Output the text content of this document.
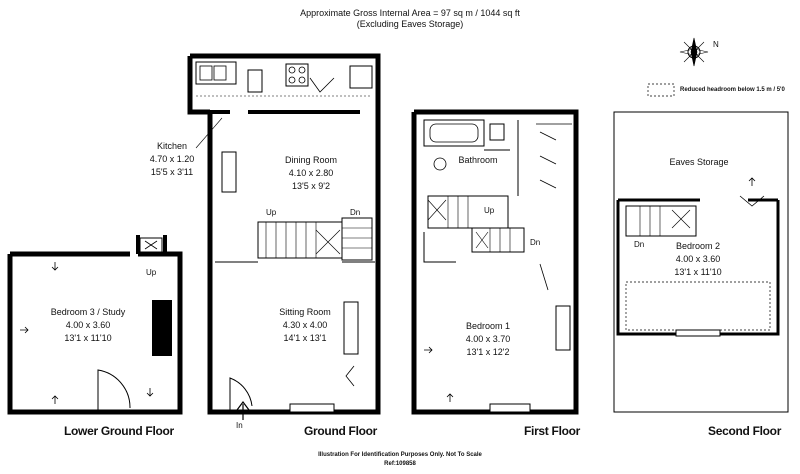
Approximate Gross Internal Area = 97 sq m / 1044 sq ft
(Excluding Eaves Storage)
N
Reduced headroom below 1.5 m / 5'0
Kitchen
4.70 x 1.20
15'5 x 3'11
Dining Room
4.10 x 2.80
13'5 x 9'2
Sitting Room
4.30 x 4.00
14'1 x 13'1
Bedroom 3 / Study
4.00 x 3.60
13'1 x 11'10
Bathroom
Bedroom 1
4.00 x 3.70
13'1 x 12'2
Eaves Storage
Bedroom 2
4.00 x 3.60
13'1 x 11'10
Up
Up	Dn
In
Up
Dn	Dn
Lower Ground Floor	Ground Floor	First Floor	Second Floor
Illustration For Identification Purposes Only. Not To Scale
Ref:109858
